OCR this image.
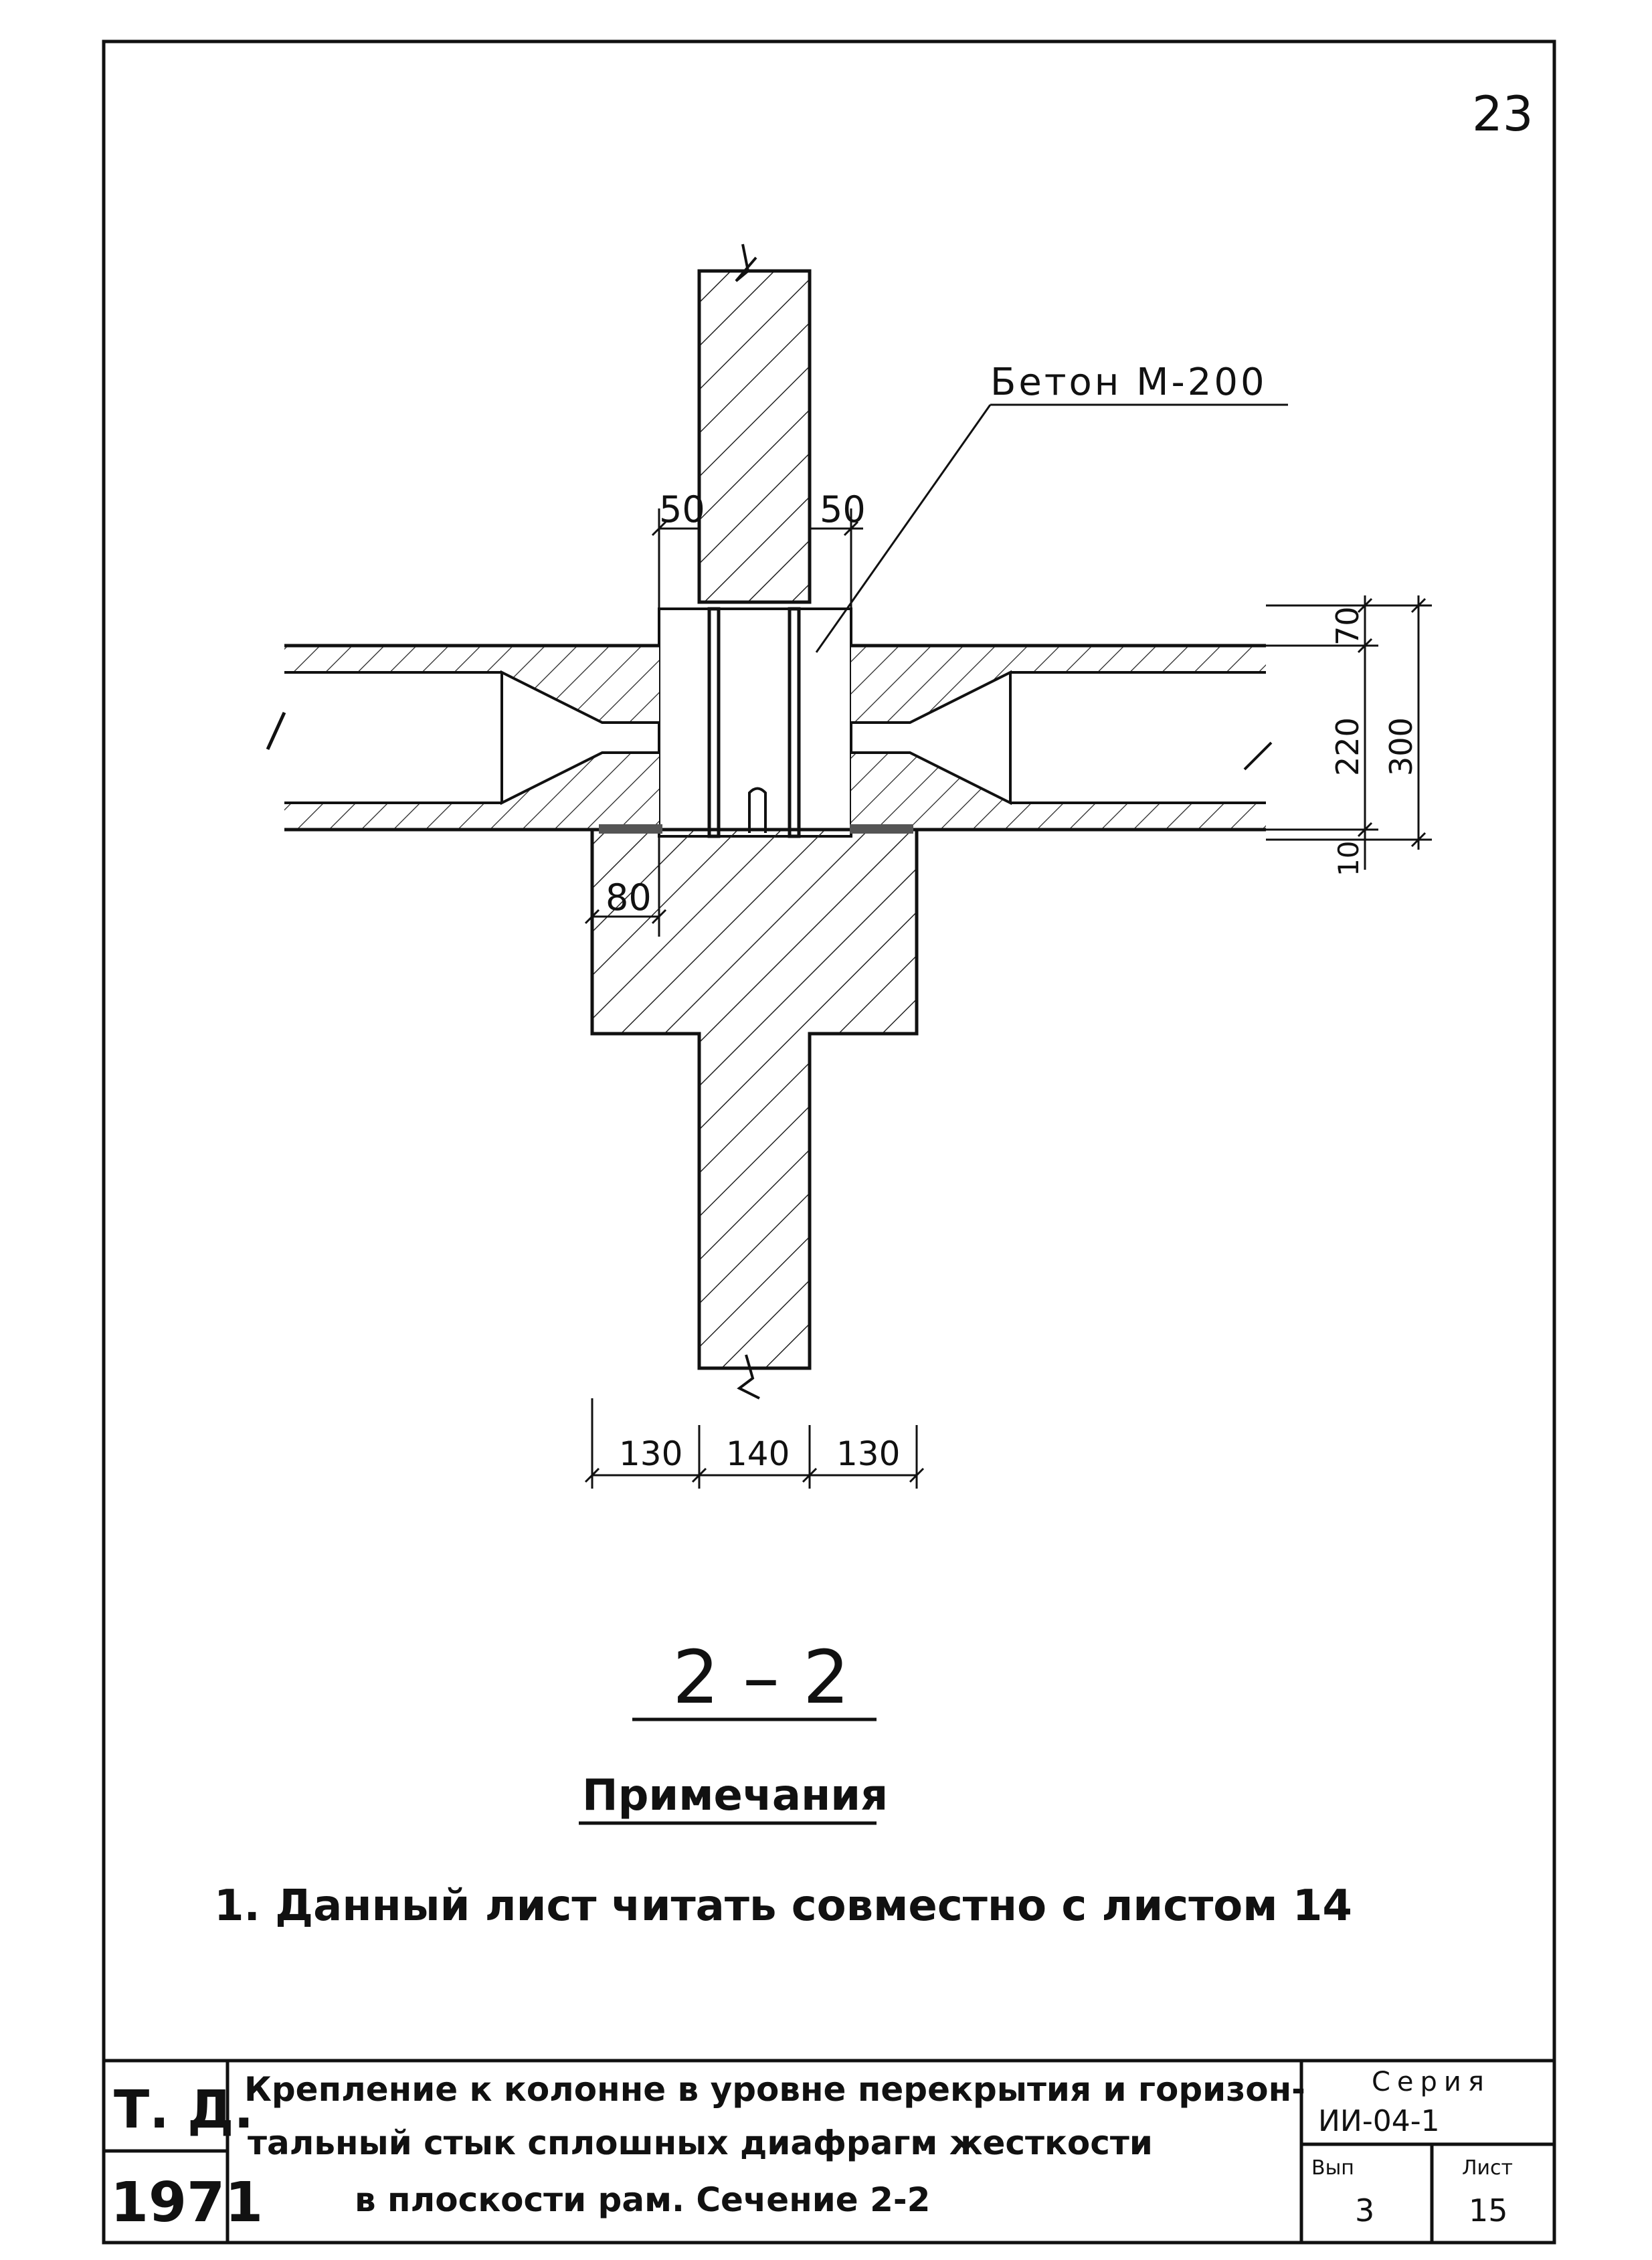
23
50	50
Бетон М-200
80
70
220
10
300
130 140 130
2 – 2
Примечания
1. Данный лист читать совместно с листом 14
Т. Д.
1971
Крепление к колонне в уровне перекрытия и горизон-
тальный стык сплошных диафрагм жесткости
в плоскости рам. Сечение 2-2
Серия
ИИ-04-1
Вып
3
Лист
15
